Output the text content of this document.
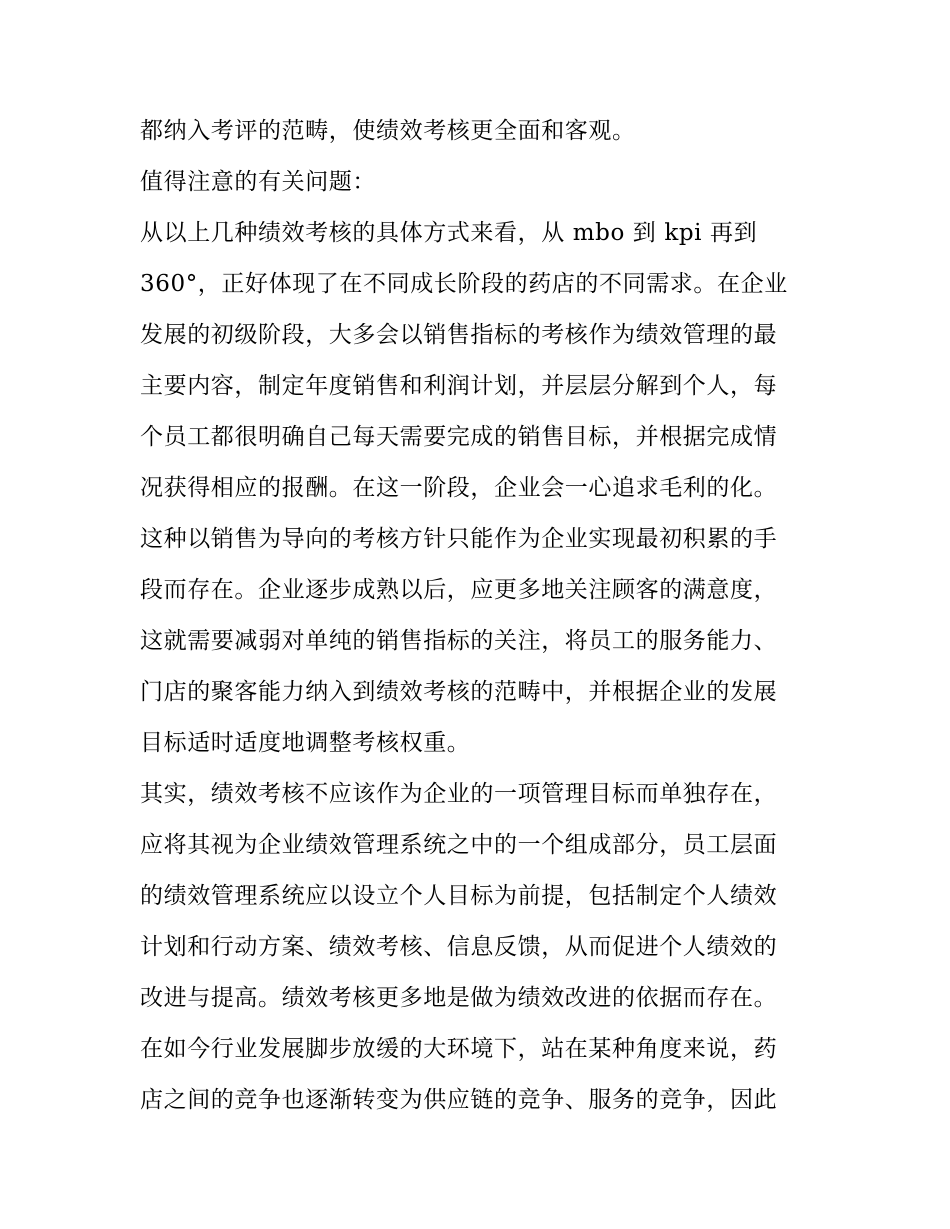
都纳入考评的范畴，使绩效考核更全面和客观。
值得注意的有关问题：
从以上几种绩效考核的具体方式来看，从 mbo 到 kpi 再到
360°，正好体现了在不同成长阶段的药店的不同需求。在企业
发展的初级阶段，大多会以销售指标的考核作为绩效管理的最
主要内容，制定年度销售和利润计划，并层层分解到个人，每
个员工都很明确自己每天需要完成的销售目标，并根据完成情
况获得相应的报酬。在这一阶段，企业会一心追求毛利的化。
这种以销售为导向的考核方针只能作为企业实现最初积累的手
段而存在。企业逐步成熟以后，应更多地关注顾客的满意度，
这就需要减弱对单纯的销售指标的关注，将员工的服务能力、
门店的聚客能力纳入到绩效考核的范畴中，并根据企业的发展
目标适时适度地调整考核权重。
其实，绩效考核不应该作为企业的一项管理目标而单独存在，
应将其视为企业绩效管理系统之中的一个组成部分，员工层面
的绩效管理系统应以设立个人目标为前提，包括制定个人绩效
计划和行动方案、绩效考核、信息反馈，从而促进个人绩效的
改进与提高。绩效考核更多地是做为绩效改进的依据而存在。
在如今行业发展脚步放缓的大环境下，站在某种角度来说，药
店之间的竞争也逐渐转变为供应链的竞争、服务的竞争，因此
